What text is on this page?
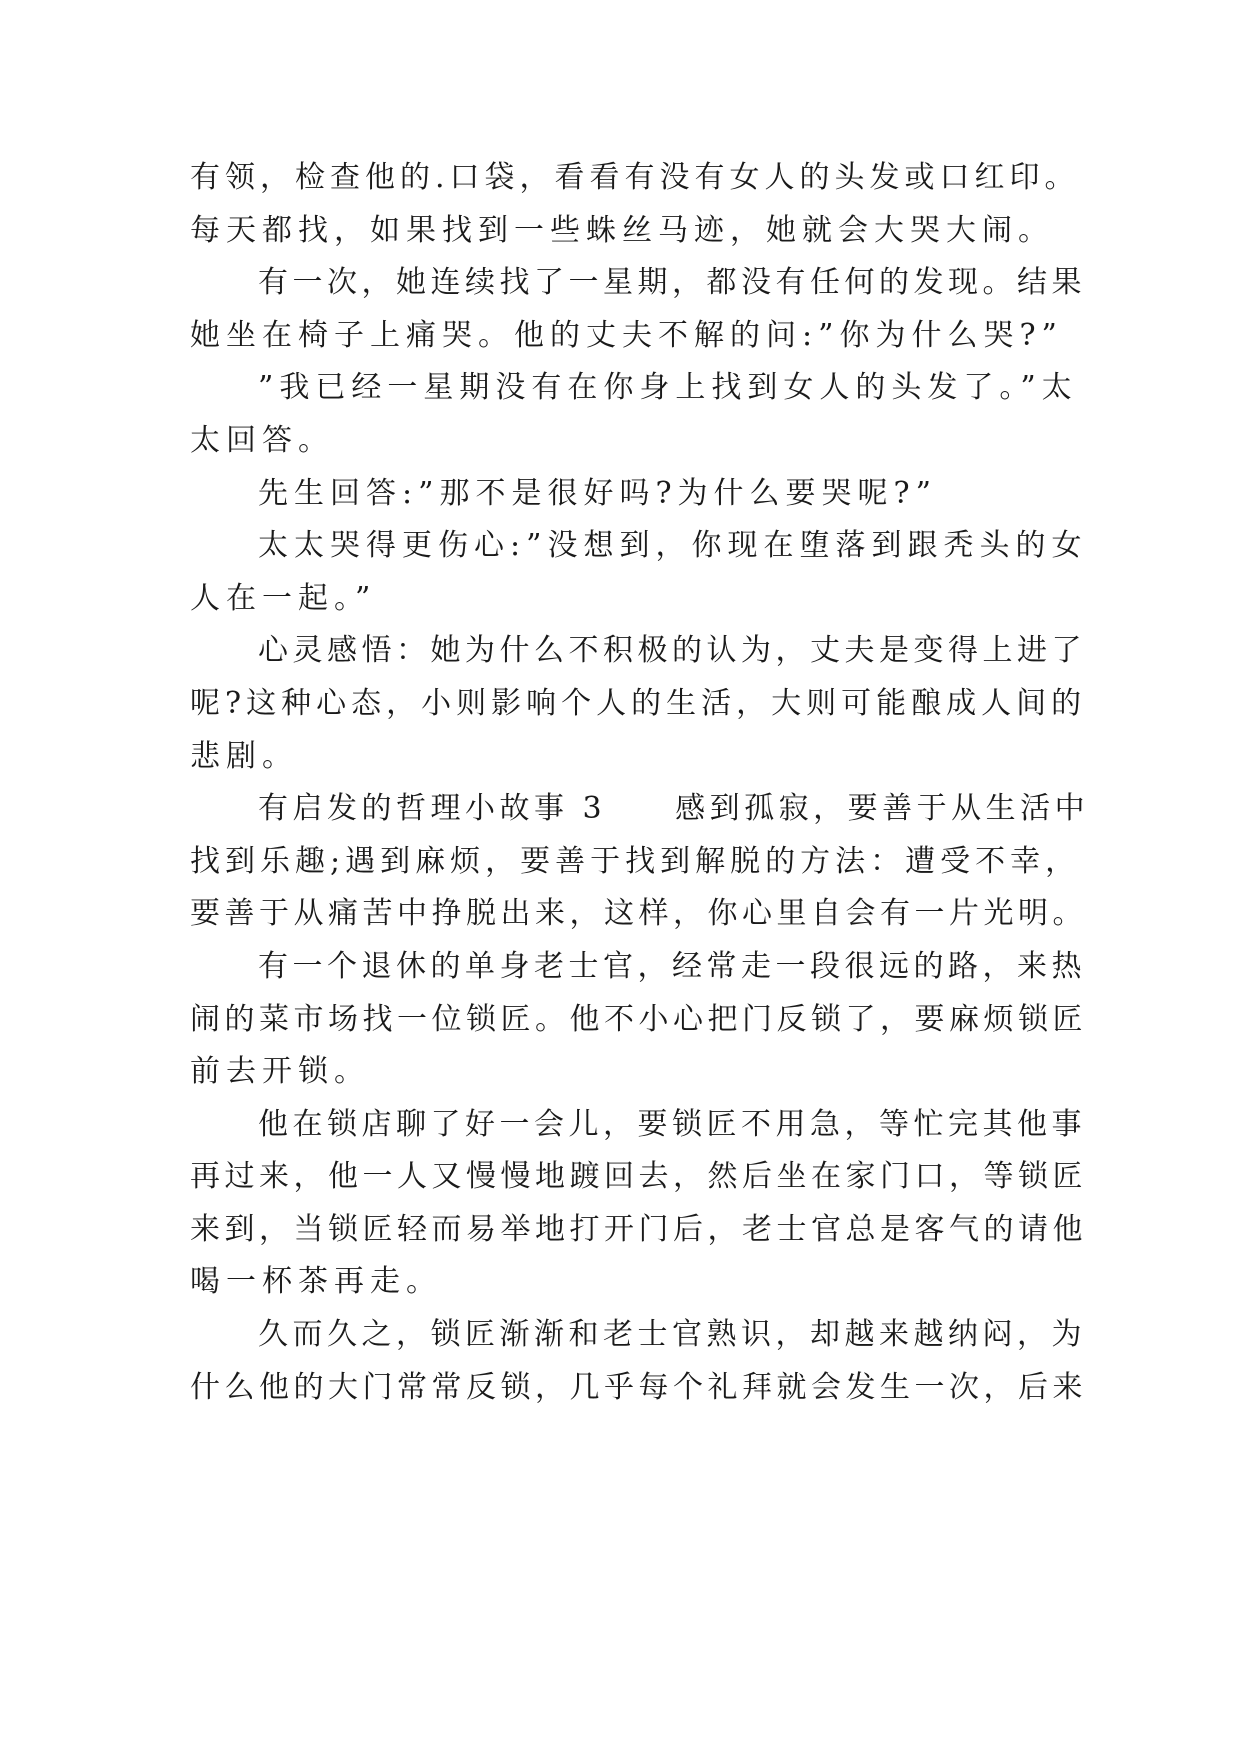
有领，检查他的.口袋，看看有没有女人的头发或口红印。
每天都找，如果找到一些蛛丝马迹，她就会大哭大闹。
有一次，她连续找了一星期，都没有任何的发现。结果
她坐在椅子上痛哭。他的丈夫不解的问:”你为什么哭?”
”我已经一星期没有在你身上找到女人的头发了。”太
太回答。
先生回答:”那不是很好吗?为什么要哭呢?”
太太哭得更伤心:”没想到，你现在堕落到跟秃头的女
人在一起。”
心灵感悟：她为什么不积极的认为，丈夫是变得上进了
呢?这种心态，小则影响个人的生活，大则可能酿成人间的
悲剧。
有启发的哲理小故事 3　　感到孤寂，要善于从生活中
找到乐趣;遇到麻烦，要善于找到解脱的方法：遭受不幸，
要善于从痛苦中挣脱出来，这样，你心里自会有一片光明。
有一个退休的单身老士官，经常走一段很远的路，来热
闹的菜市场找一位锁匠。他不小心把门反锁了，要麻烦锁匠
前去开锁。
他在锁店聊了好一会儿，要锁匠不用急，等忙完其他事
再过来，他一人又慢慢地踱回去，然后坐在家门口，等锁匠
来到，当锁匠轻而易举地打开门后，老士官总是客气的请他
喝一杯茶再走。
久而久之，锁匠渐渐和老士官熟识，却越来越纳闷，为
什么他的大门常常反锁，几乎每个礼拜就会发生一次，后来
